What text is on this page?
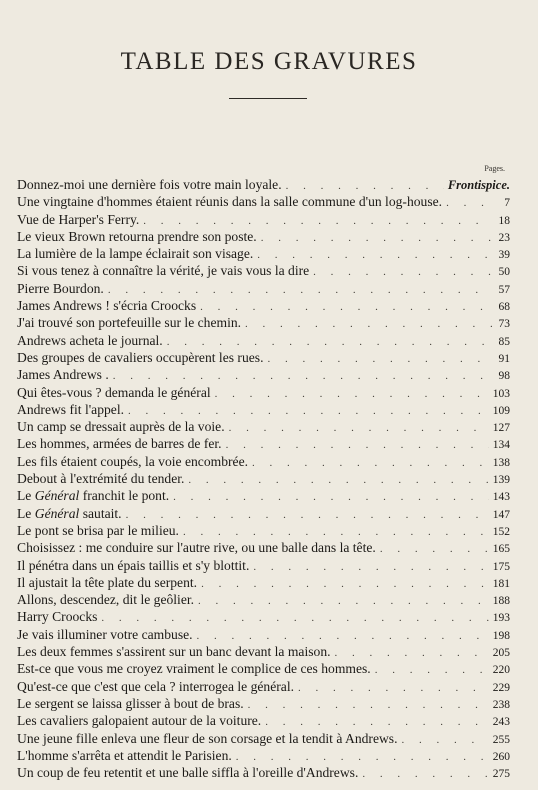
TABLE DES GRAVURES
Pages.
Donnez-moi une dernière fois votre main loyale. . . .	Frontispice.
Une vingtaine d'hommes étaient réunis dans la salle commune d'un log-house. . . .	7
Vue de Harper's Ferry. . . .	18
Le vieux Brown retourna prendre son poste. . . .	23
La lumière de la lampe éclairait son visage. . . .	39
Si vous tenez à connaître la vérité, je vais vous la dire . . .	50
Pierre Bourdon. . . .	57
James Andrews ! s'écria Croocks . . .	68
J'ai trouvé son portefeuille sur le chemin. . . .	73
Andrews acheta le journal. . . .	85
Des groupes de cavaliers occupèrent les rues. . . .	91
James Andrews . . . .	98
Qui êtes-vous ? demanda le général . . .	103
Andrews fit l'appel. . . .	109
Un camp se dressait auprès de la voie. . . .	127
Les hommes, armées de barres de fer. . . .	134
Les fils étaient coupés, la voie encombrée. . . .	138
Debout à l'extrémité du tender. . . .	139
Le Général franchit le pont. . . .	143
Le Général sautait. . . .	147
Le pont se brisa par le milieu. . . .	152
Choisissez : me conduire sur l'autre rive, ou une balle dans la tête. . . .	165
Il pénétra dans un épais taillis et s'y blottit. . . .	175
Il ajustait la tête plate du serpent. . . .	181
Allons, descendez, dit le geôlier. . . .	188
Harry Croocks . . .	193
Je vais illuminer votre cambuse. . . .	198
Les deux femmes s'assirent sur un banc devant la maison. . . .	205
Est-ce que vous me croyez vraiment le complice de ces hommes. . . .	220
Qu'est-ce que c'est que cela ? interrogea le général. . . .	229
Le sergent se laissa glisser à bout de bras. . . .	238
Les cavaliers galopaient autour de la voiture. . . .	243
Une jeune fille enleva une fleur de son corsage et la tendit à Andrews. . . .	255
L'homme s'arrêta et attendit le Parisien. . . .	260
Un coup de feu retentit et une balle siffla à l'oreille d'Andrews. . . .	275
